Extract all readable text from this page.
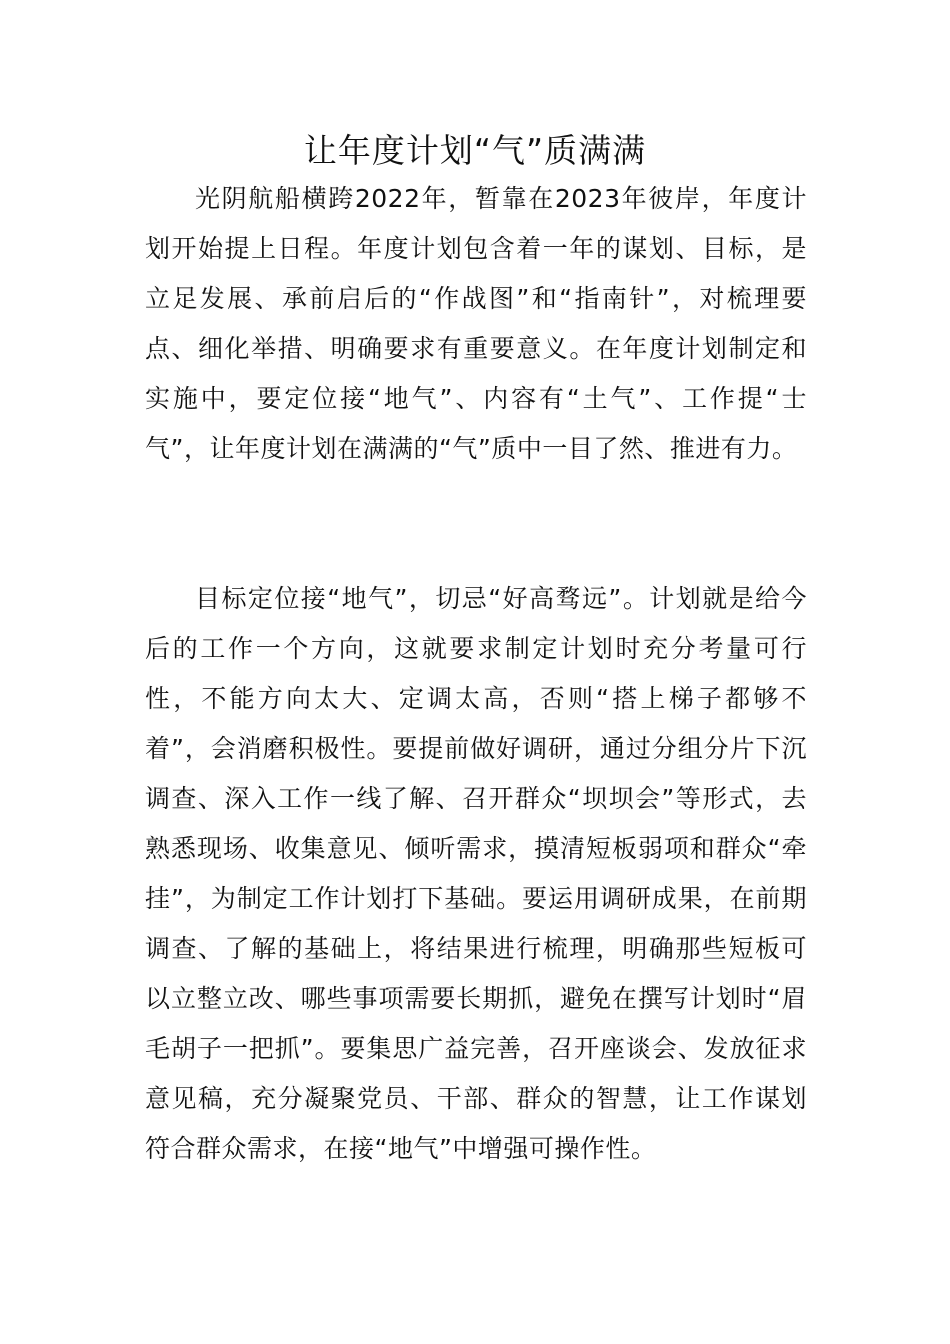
让年度计划“气”质满满

光阴航船横跨2022年，暂靠在2023年彼岸，年度计划开始提上日程。年度计划包含着一年的谋划、目标，是立足发展、承前启后的“作战图”和“指南针”，对梳理要点、细化举措、明确要求有重要意义。在年度计划制定和实施中，要定位接“地气”、内容有“土气”、工作提“士气”，让年度计划在满满的“气”质中一目了然、推进有力。

目标定位接“地气”，切忌“好高骛远”。计划就是给今后的工作一个方向，这就要求制定计划时充分考量可行性，不能方向太大、定调太高，否则“搭上梯子都够不着”，会消磨积极性。要提前做好调研，通过分组分片下沉调查、深入工作一线了解、召开群众“坝坝会”等形式，去熟悉现场、收集意见、倾听需求，摸清短板弱项和群众“牵挂”，为制定工作计划打下基础。要运用调研成果，在前期调查、了解的基础上，将结果进行梳理，明确那些短板可以立整立改、哪些事项需要长期抓，避免在撰写计划时“眉毛胡子一把抓”。要集思广益完善，召开座谈会、发放征求意见稿，充分凝聚党员、干部、群众的智慧，让工作谋划符合群众需求，在接“地气”中增强可操作性。
